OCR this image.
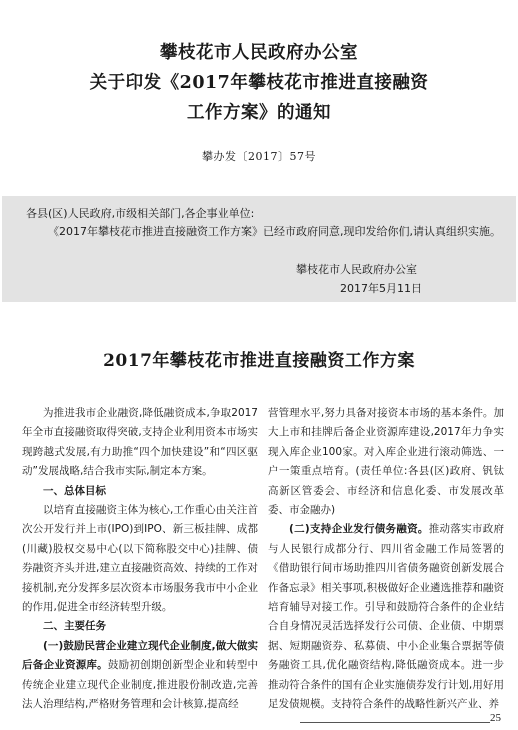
攀枝花市人民政府办公室
关于印发《2017年攀枝花市推进直接融资
工作方案》的通知
攀办发〔2017〕57号

各县(区)人民政府,市级相关部门,各企事业单位:

《2017年攀枝花市推进直接融资工作方案》已经市政府同意,现印发给你们,请认真组织实施。

攀枝花市人民政府办公室

2017年5月11日

2017年攀枝花市推进直接融资工作方案

为推进我市企业融资,降低融资成本,争取2017年全市直接融资取得突破,支持企业利用资本市场实现跨越式发展,有力助推“四个加快建设”和“四区驱动”发展战略,结合我市实际,制定本方案。

一、总体目标

以培育直接融资主体为核心,工作重心由关注首次公开发行并上市(IPO)到IPO、新三板挂牌、成都(川藏)股权交易中心(以下简称股交中心)挂牌、债券融资齐头并进,建立直接融资高效、持续的工作对接机制,充分发挥多层次资本市场服务我市中小企业的作用,促进全市经济转型升级。

二、主要任务

(一)鼓励民营企业建立现代企业制度,做大做实后备企业资源库。鼓励初创期创新型企业和转型中传统企业建立现代企业制度,推进股份制改造,完善法人治理结构,严格财务管理和会计核算,提高经

营管理水平,努力具备对接资本市场的基本条件。加大上市和挂牌后备企业资源库建设,2017年力争实现入库企业100家。对入库企业进行滚动筛选、一户一策重点培育。(责任单位:各县(区)政府、钒钛高新区管委会、市经济和信息化委、市发展改革委、市金融办)

(二)支持企业发行债务融资。推动落实市政府与人民银行成都分行、四川省金融工作局签署的《借助银行间市场助推四川省债务融资创新发展合作备忘录》相关事项,积极做好企业遴选推荐和融资培育辅导对接工作。引导和鼓励符合条件的企业结合自身情况灵活选择发行公司债、企业债、中期票据、短期融资券、私募债、中小企业集合票据等债务融资工具,优化融资结构,降低融资成本。进一步推动符合条件的国有企业实施债券发行计划,用好用足发债规模。支持符合条件的战略性新兴产业、养

25
